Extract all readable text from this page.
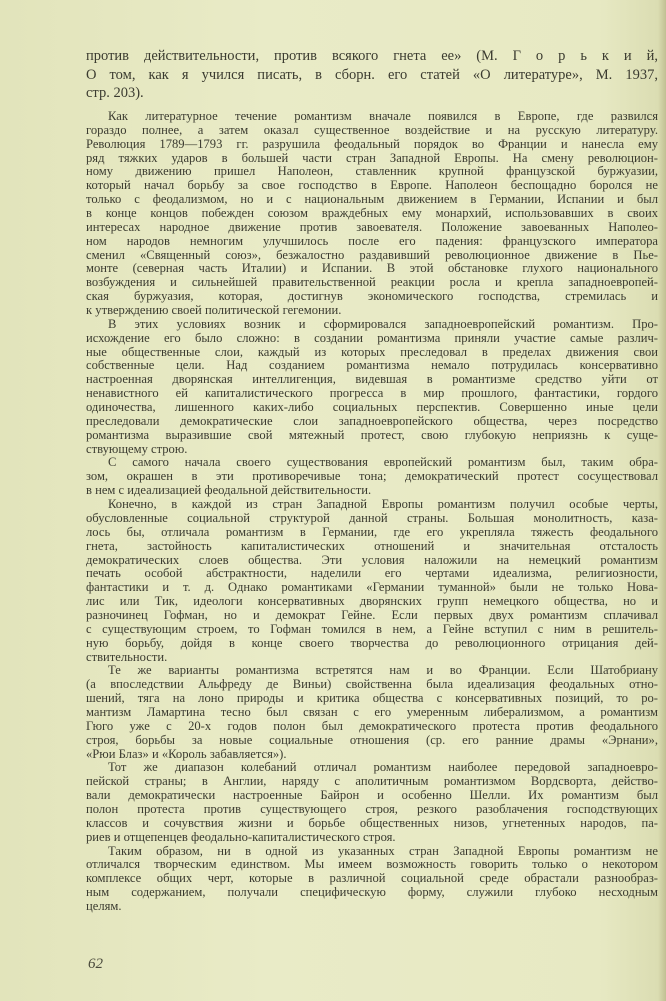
против действительности, против всякого гнета ее» (М. Г о р ь к и й,
О том, как я учился писать, в сборн. его статей «О литературе», М. 1937,
стр. 203).
Как литературное течение романтизм вначале появился в Европе, где развился
гораздо полнее, а затем оказал существенное воздействие и на русскую литературу.
Революция 1789—1793 гг. разрушила феодальный порядок во Франции и нанесла ему
ряд тяжких ударов в большей части стран Западной Европы. На смену революцион-
ному движению пришел Наполеон, ставленник крупной французской буржуазии,
который начал борьбу за свое господство в Европе. Наполеон беспощадно боролся не
только с феодализмом, но и с национальным движением в Германии, Испании и был
в конце концов побежден союзом враждебных ему монархий, использовавших в своих
интересах народное движение против завоевателя. Положение завоеванных Наполео-
ном народов немногим улучшилось после его падения: французского императора
сменил «Священный союз», безжалостно раздавивший революционное движение в Пье-
монте (северная часть Италии) и Испании. В этой обстановке глухого национального
возбуждения и сильнейшей правительственной реакции росла и крепла западноевропей-
ская буржуазия, которая, достигнув экономического господства, стремилась и
к утверждению своей политической гегемонии.
В этих условиях возник и сформировался западноевропейский романтизм. Про-
исхождение его было сложно: в создании романтизма приняли участие самые различ-
ные общественные слои, каждый из которых преследовал в пределах движения свои
собственные цели. Над созданием романтизма немало потрудилась консервативно
настроенная дворянская интеллигенция, видевшая в романтизме средство уйти от
ненавистного ей капиталистического прогресса в мир прошлого, фантастики, гордого
одиночества, лишенного каких-либо социальных перспектив. Совершенно иные цели
преследовали демократические слои западноевропейского общества, через посредство
романтизма выразившие свой мятежный протест, свою глубокую неприязнь к суще-
ствующему строю.
С самого начала своего существования европейский романтизм был, таким обра-
зом, окрашен в эти противоречивые тона; демократический протест сосуществовал
в нем с идеализацией феодальной действительности.
Конечно, в каждой из стран Западной Европы романтизм получил особые черты,
обусловленные социальной структурой данной страны. Большая монолитность, каза-
лось бы, отличала романтизм в Германии, где его укрепляла тяжесть феодального
гнета, застойность капиталистических отношений и значительная отсталость
демократических слоев общества. Эти условия наложили на немецкий романтизм
печать особой абстрактности, наделили его чертами идеализма, религиозности,
фантастики и т. д. Однако романтиками «Германии туманной» были не только Нова-
лис или Тик, идеологи консервативных дворянских групп немецкого общества, но и
разночинец Гофман, но и демократ Гейне. Если первых двух романтизм сплачивал
с существующим строем, то Гофман томился в нем, а Гейне вступил с ним в решитель-
ную борьбу, дойдя в конце своего творчества до революционного отрицания дей-
ствительности.
Те же варианты романтизма встретятся нам и во Франции. Если Шатобриану
(а впоследствии Альфреду де Виньи) свойственна была идеализация феодальных отно-
шений, тяга на лоно природы и критика общества с консервативных позиций, то ро-
мантизм Ламартина тесно был связан с его умеренным либерализмом, а романтизм
Гюго уже с 20-х годов полон был демократического протеста против феодального
строя, борьбы за новые социальные отношения (ср. его ранние драмы «Эрнани»,
«Рюи Блаз» и «Король забавляется»).
Тот же диапазон колебаний отличал романтизм наиболее передовой западноевро-
пейской страны; в Англии, наряду с аполитичным романтизмом Вордсворта, действо-
вали демократически настроенные Байрон и особенно Шелли. Их романтизм был
полон протеста против существующего строя, резкого разоблачения господствующих
классов и сочувствия жизни и борьбе общественных низов, угнетенных народов, па-
риев и отщепенцев феодально-капиталистического строя.
Таким образом, ни в одной из указанных стран Западной Европы романтизм не
отличался творческим единством. Мы имеем возможность говорить только о некотором
комплексе общих черт, которые в различной социальной среде обрастали разнообраз-
ным содержанием, получали специфическую форму, служили глубоко несходным
целям.
62
